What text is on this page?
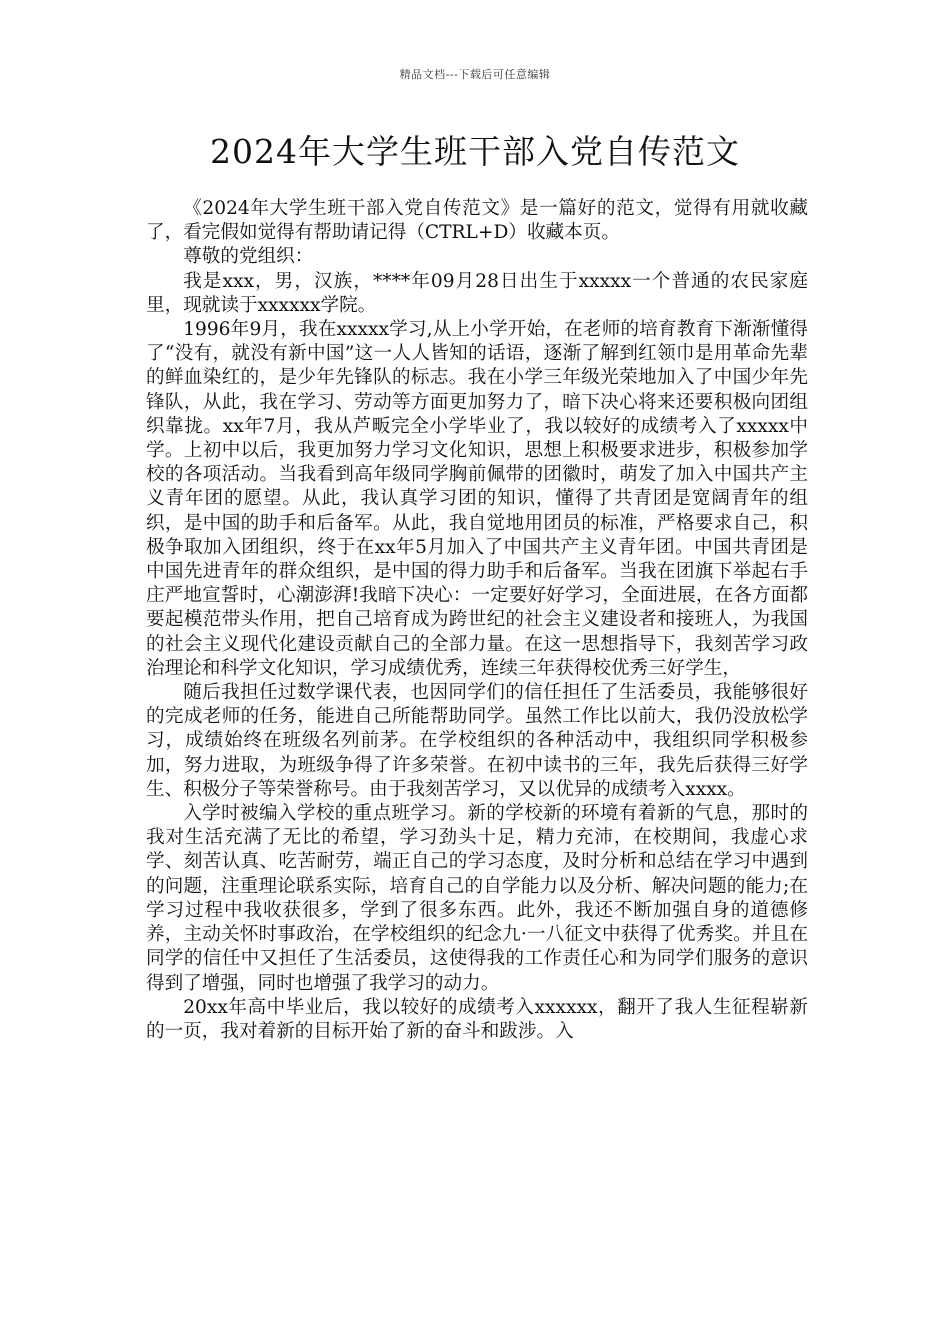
精品文档---下载后可任意编辑
2024年大学生班干部入党自传范文

《2024年大学生班干部入党自传范文》是一篇好的范文，觉得有用就收藏了，看完假如觉得有帮助请记得（CTRL+D）收藏本页。

尊敬的党组织：

我是xxx，男，汉族，****年09月28日出生于xxxxx一个普通的农民家庭里，现就读于xxxxxx学院。

1996年9月，我在xxxxx学习,从上小学开始，在老师的培育教育下渐渐懂得了“没有，就没有新中国”这一人人皆知的话语，逐渐了解到红领巾是用革命先辈的鲜血染红的，是少年先锋队的标志。我在小学三年级光荣地加入了中国少年先锋队，从此，我在学习、劳动等方面更加努力了，暗下决心将来还要积极向团组织靠拢。xx年7月，我从芦畈完全小学毕业了，我以较好的成绩考入了xxxxx中学。上初中以后，我更加努力学习文化知识，思想上积极要求进步，积极参加学校的各项活动。当我看到高年级同学胸前佩带的团徽时，萌发了加入中国共产主义青年团的愿望。从此，我认真学习团的知识，懂得了共青团是宽阔青年的组织，是中国的助手和后备军。从此，我自觉地用团员的标准，严格要求自己，积极争取加入团组织，终于在xx年5月加入了中国共产主义青年团。中国共青团是中国先进青年的群众组织，是中国的得力助手和后备军。当我在团旗下举起右手庄严地宣誓时，心潮澎湃!我暗下决心：一定要好好学习，全面进展，在各方面都要起模范带头作用，把自己培育成为跨世纪的社会主义建设者和接班人，为我国的社会主义现代化建设贡献自己的全部力量。在这一思想指导下，我刻苦学习政治理论和科学文化知识，学习成绩优秀，连续三年获得校优秀三好学生，

随后我担任过数学课代表，也因同学们的信任担任了生活委员，我能够很好的完成老师的任务，能进自己所能帮助同学。虽然工作比以前大，我仍没放松学习，成绩始终在班级名列前茅。在学校组织的各种活动中，我组织同学积极参加，努力进取，为班级争得了许多荣誉。在初中读书的三年，我先后获得三好学生、积极分子等荣誉称号。由于我刻苦学习，又以优异的成绩考入xxxx。

入学时被编入学校的重点班学习。新的学校新的环境有着新的气息，那时的我对生活充满了无比的希望，学习劲头十足，精力充沛，在校期间，我虚心求学、刻苦认真、吃苦耐劳，端正自己的学习态度，及时分析和总结在学习中遇到的问题，注重理论联系实际，培育自己的自学能力以及分析、解决问题的能力;在学习过程中我收获很多，学到了很多东西。此外，我还不断加强自身的道德修养，主动关怀时事政治，在学校组织的纪念九·一八征文中获得了优秀奖。并且在同学的信任中又担任了生活委员，这使得我的工作责任心和为同学们服务的意识得到了增强，同时也增强了我学习的动力。

20xx年高中毕业后，我以较好的成绩考入xxxxxx，翻开了我人生征程崭新的一页，我对着新的目标开始了新的奋斗和跋涉。入
